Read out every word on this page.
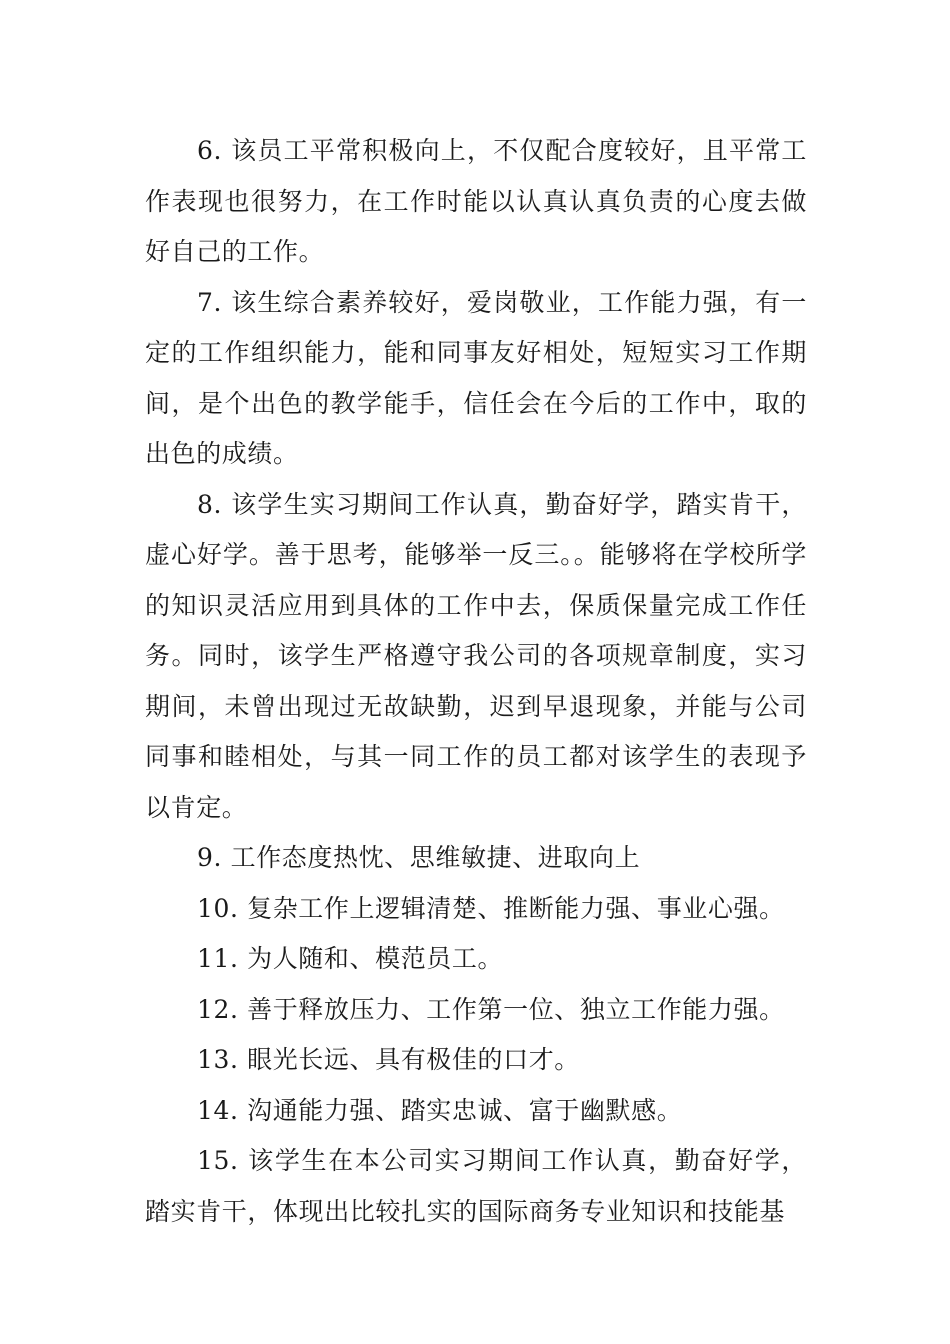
6. 该员工平常积极向上，不仅配合度较好，且平常工作表现也很努力，在工作时能以认真认真负责的心度去做好自己的工作。

7. 该生综合素养较好，爱岗敬业，工作能力强，有一定的工作组织能力，能和同事友好相处，短短实习工作期间，是个出色的教学能手，信任会在今后的工作中，取的出色的成绩。

8. 该学生实习期间工作认真，勤奋好学，踏实肯干，虚心好学。善于思考，能够举一反三。。能够将在学校所学的知识灵活应用到具体的工作中去，保质保量完成工作任务。同时，该学生严格遵守我公司的各项规章制度，实习期间，未曾出现过无故缺勤，迟到早退现象，并能与公司同事和睦相处，与其一同工作的员工都对该学生的表现予以肯定。

9. 工作态度热忱、思维敏捷、进取向上

10. 复杂工作上逻辑清楚、推断能力强、事业心强。

11. 为人随和、模范员工。

12. 善于释放压力、工作第一位、独立工作能力强。

13. 眼光长远、具有极佳的口才。

14. 沟通能力强、踏实忠诚、富于幽默感。

15. 该学生在本公司实习期间工作认真，勤奋好学，踏实肯干，体现出比较扎实的国际商务专业知识和技能基
